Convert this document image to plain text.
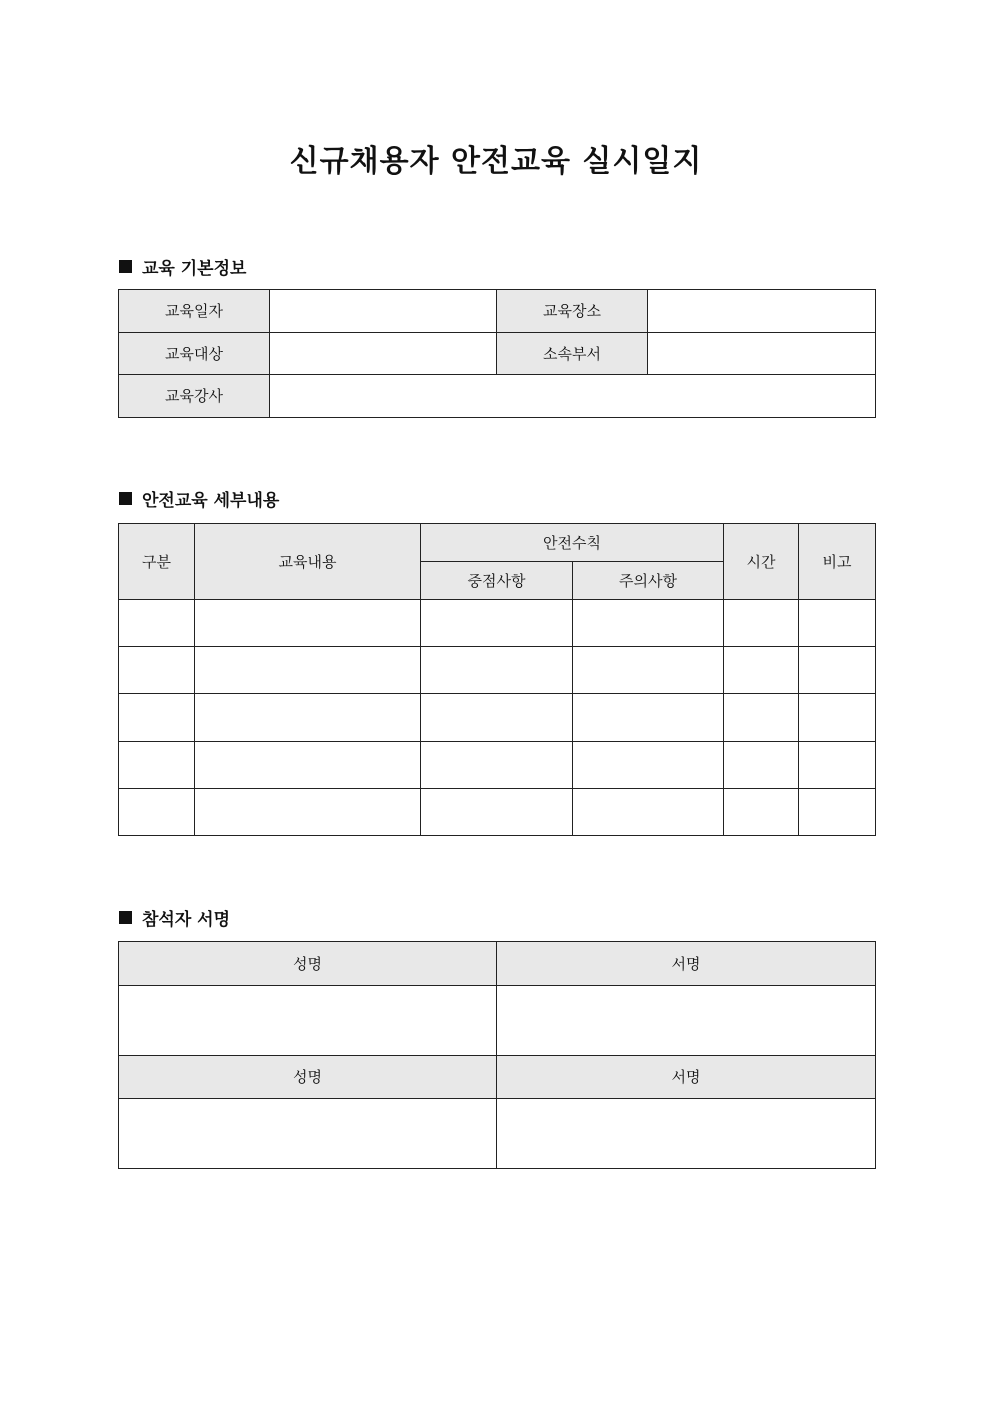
신규채용자 안전교육 실시일지
교육 기본정보
교육일자		교육장소	
교육대상		소속부서	
교육강사			
안전교육 세부내용
구분	교육내용	안전수칙		시간	비고
		중점사항	주의사항		

참석자 서명
성명	서명

성명	서명
